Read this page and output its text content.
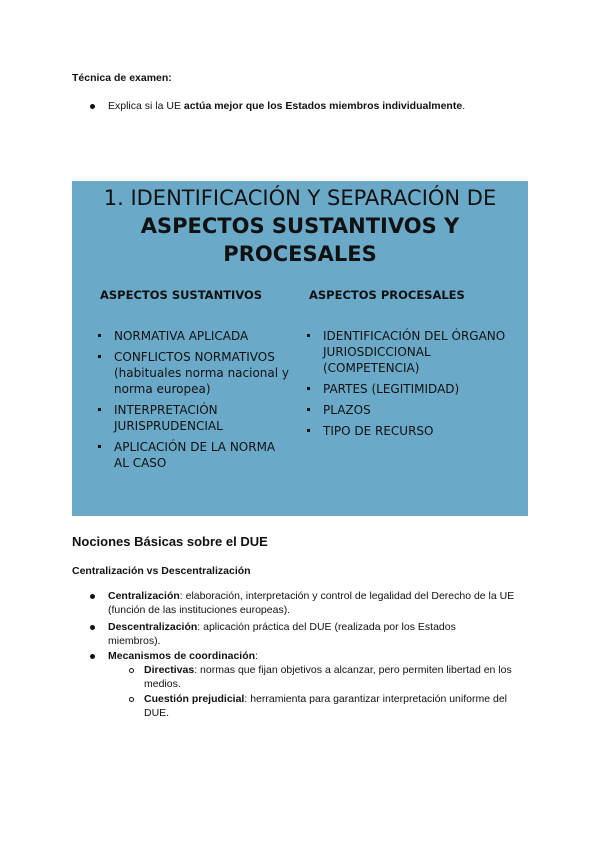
Técnica de examen:
Explica si la UE actúa mejor que los Estados miembros individualmente.
1. IDENTIFICACIÓN Y SEPARACIÓN DE
ASPECTOS SUSTANTIVOS Y
PROCESALES
ASPECTOS SUSTANTIVOS	ASPECTOS PROCESALES
NORMATIVA APLICADA
CONFLICTOS NORMATIVOS (habituales norma nacional y norma europea)
INTERPRETACIÓN JURISPRUDENCIAL
APLICACIÓN DE LA NORMA AL CASO
IDENTIFICACIÓN DEL ÓRGANO JURIOSDICCIONAL (COMPETENCIA)
PARTES (LEGITIMIDAD)
PLAZOS
TIPO DE RECURSO
Nociones Básicas sobre el DUE
Centralización vs Descentralización
Centralización: elaboración, interpretación y control de legalidad del Derecho de la UE (función de las instituciones europeas).
Descentralización: aplicación práctica del DUE (realizada por los Estados miembros).
Mecanismos de coordinación:
Directivas: normas que fijan objetivos a alcanzar, pero permiten libertad en los medios.
Cuestión prejudicial: herramienta para garantizar interpretación uniforme del DUE.
